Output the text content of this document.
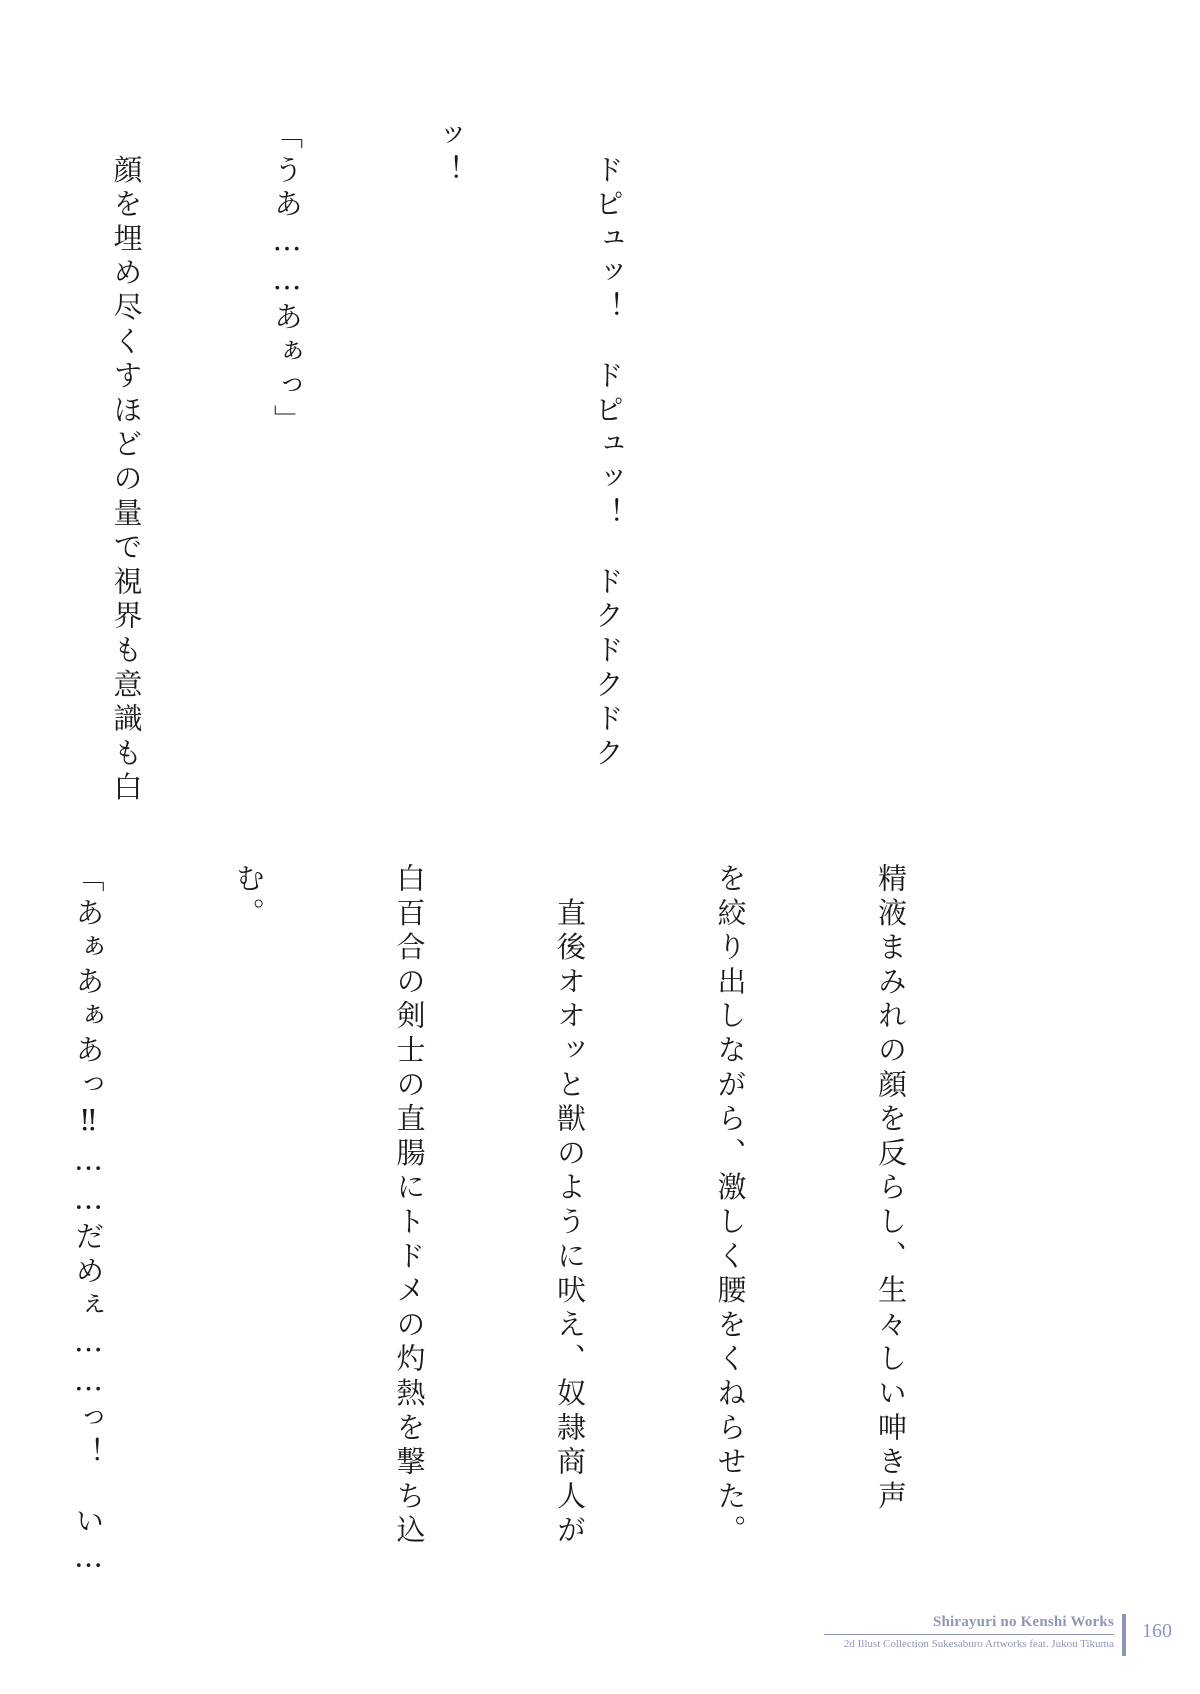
　ドピュッ！　ドピュッ！　ドクドクドク

ッ！

「うあ……あぁっ」

　顔を埋め尽くすほどの量で視界も意識も白

精液まみれの顔を反らし、生々しい呻き声

を絞り出しながら、激しく腰をくねらせた。

　直後オオッと獣のように吠え、奴隷商人が

白百合の剣士の直腸にトドメの灼熱を撃ち込

む。

「あぁあぁあっ‼……だめぇ……っ！　い…

Shirayuri no Kenshi Works
2d Illust Collection Sukesaburo Artworks feat. Jukou Tikuma
160
